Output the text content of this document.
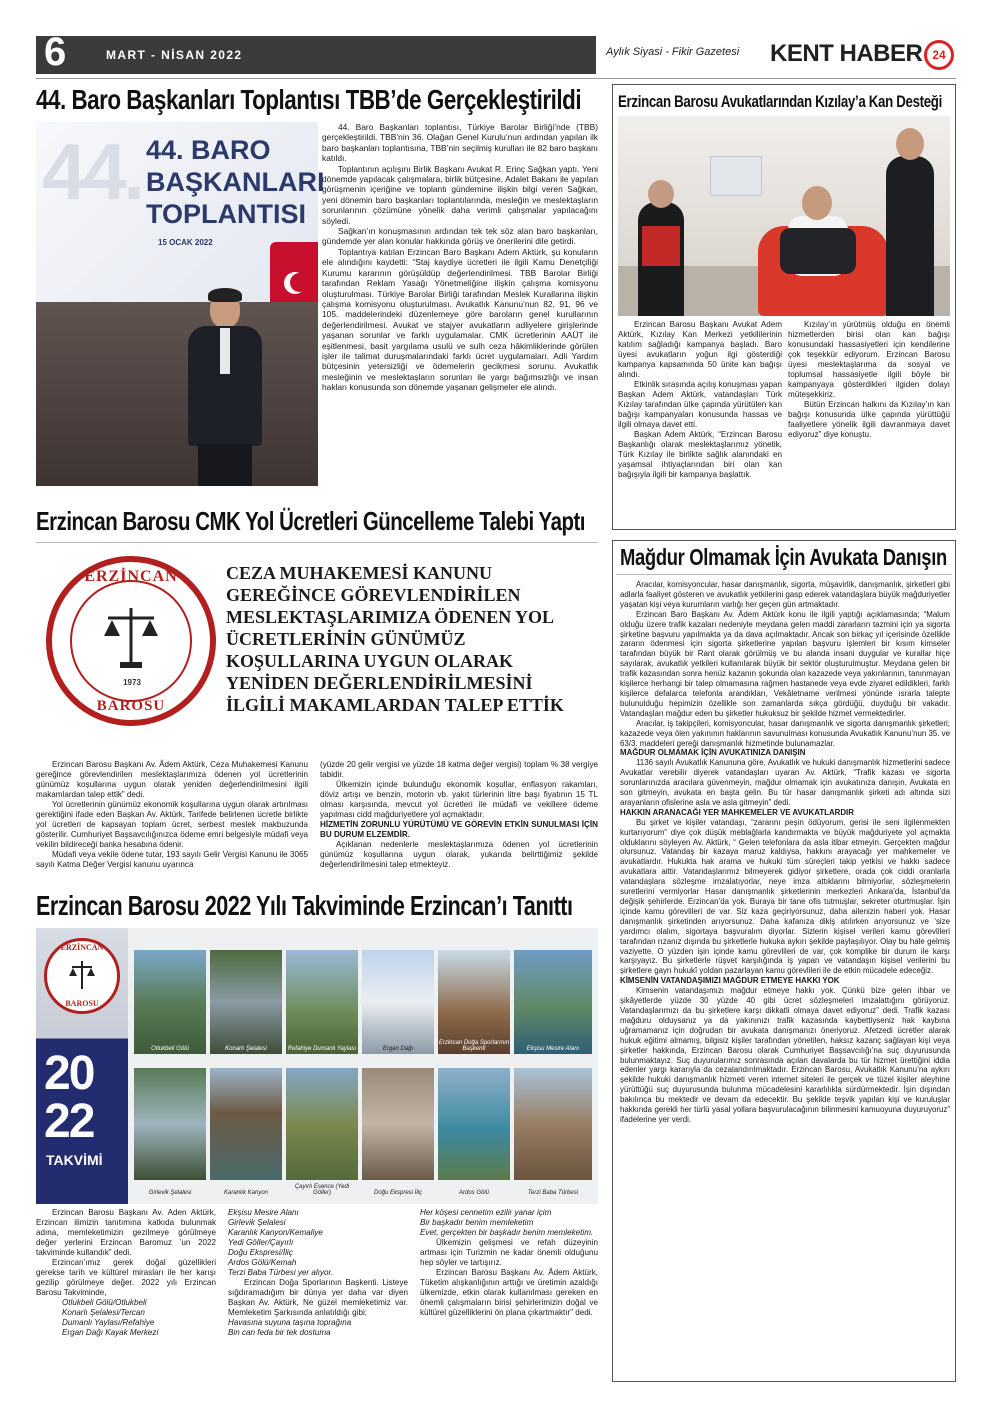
6	MART - NİSAN 2022	Aylık Siyasi - Fikir Gazetesi KENT HABER 24
44. Baro Başkanları Toplantısı TBB’de Gerçekleştirildi
44. 44. BARO
BAŞKANLARI
TOPLANTISI
15 OCAK 2022

44. Baro Başkanları toplantısı, Türkiye Barolar Birliği’nde (TBB) gerçekleştirildi. TBB’nin 36. Olağan Genel Kurulu’nun ardından yapılan ilk baro başkanları toplantısına, TBB’nin seçilmiş kurulları ile 82 baro başkanı katıldı.

Toplantının açılışını Birlik Başkanı Avukat R. Erinç Sağkan yaptı. Yeni dönemde yapılacak çalışmalara, birlik bütçesine, Adalet Bakanı ile yapılan görüşmenin içeriğine ve toplantı gündemine ilişkin bilgi veren Sağkan, yeni dönemin baro başkanları toplantılarında, mesleğin ve meslektaşların sorunlarının çözümüne yönelik daha verimli çalışmalar yapılacağını söyledi.

Sağkan’ın konuşmasının ardından tek tek söz alan baro başkanları, gündemde yer alan konular hakkında görüş ve önerilerini dile getirdi.

Toplantıya katılan Erzincan Baro Başkanı Adem Aktürk, şu konuların ele alındığını kaydetti: “Staj kaydiye ücretleri ile ilgili Kamu Denetçiliği Kurumu kararının görüşüldüp değerlendirilmesi. TBB Barolar Birliği tarafından Reklam Yasağı Yönetmeliğine ilişkin çalışma komisyonu oluşturulması. Türkiye Barolar Birliği tarafından Meslek Kurallarına ilişkin çalışma komisyonu oluşturulması. Avukatlık Kanunu’nun 82, 91, 96 ve 105. maddelerindeki düzenlemeye göre baroların genel kurullarının değerlendirilmesi. Avukat ve stajyer avukatların adliyelere girişlerinde yaşanan sorunlar ve farklı uygulamalar. CMK ücretlerinin AAÜT ile eşitlenmesi, basit yargılama usulü ve sulh ceza hâkimliklerinde görülen işler ile talimat duruşmalarındaki farklı ücret uygulamaları. Adli Yardım bütçesinin yetersizliği ve ödemelerin gecikmesi sorunu. Avukatlık mesleğinin ve meslektaşların sorunları ile yargı bağımsızlığı ve insan hakları konusunda son dönemde yaşanan gelişmeler ele alındı.

Erzincan Barosu Avukatlarından Kızılay’a Kan Desteği

Erzincan Barosu Başkanı Avukat Adem Aktürk, Kızılay Kan Merkezi yetkililerinin katılım sağladığı kampanya başladı. Baro üyesi avukatların yoğun ilgi gösterdiği kampanya kapsamında 50 ünite kan bağışı alındı.

Etkinlik sırasında açılış konuşması yapan Başkan Adem Aktürk, vatandaşları Türk Kızılay tarafından ülke çapında yürütülen kan bağışı kampanyaları konusunda hassas ve ilgili olmaya davet etti.

Başkan Adem Aktürk, “Erzincan Barosu Başkanlığı olarak meslektaşlarımız yönetik, Türk Kızılay ile birlikte sağlık alanındaki en yaşamsal ihtiyaçlarından biri olan kan bağışıyla ilgili bir kampanya başlattık.

Kızılay’ın yürütmüş olduğu en önemli hizmetlerden birisi olan kan bağışı konusundaki hassasiyetleri için kendilerine çok teşekkür ediyorum. Erzincan Barosu üyesi meslektaşlarıma da sosyal ve toplumsal hassasiyetle ilgili böyle bir kampanyaya gösterdikleri ilgiden dolayı müteşekkiriz.

Bütün Erzincan halkını da Kızılay’ın kan bağışı konusunda ülke çapında yürüttüğü faaliyetlere yönelik ilgili davranmaya davet ediyoruz” diye konuştu.

Erzincan Barosu CMK Yol Ücretleri Güncelleme Talebi Yaptı
ERZİNCAN
BAROSU
1973
CEZA MUHAKEMESİ KANUNU
GEREĞİNCE GÖREVLENDİRİLEN
MESLEKTAŞLARIMIZA ÖDENEN YOL
ÜCRETLERİNİN GÜNÜMÜZ
KOŞULLARINA UYGUN OLARAK
YENİDEN DEĞERLENDİRİLMESİNİ
İLGİLİ MAKAMLARDAN TALEP ETTİK

Erzincan Barosu Başkanı Av. Âdem Aktürk, Ceza Muhakemesi Kanunu gereğince görevlendirilen meslektaşlarımıza ödenen yol ücretlerinin günümüz koşullarına uygun olarak yeniden değerlendirilmesini ilgili makamlardan talep ettik” dedi.

Yol ücretlerinin günümüz ekonomik koşullarına uygun olarak artırılması gerektiğini ifade eden Başkan Av. Aktürk, Tarifede belirlenen ücretle birlikte yol ücretleri de kapsayan toplam ücret, serbest meslek makbuzunda gösterilir. Cumhuriyet Başsavcılığınızca ödeme emri belgesiyle müdafi veya vekilin bildireceği banka hesabına ödenir.

Müdafi veya vekile ödene tutar, 193 sayılı Gelir Vergisi Kanunu ile 3065 sayılı Katma Değer Vergisi kanunu uyarınca

(yüzde 20 gelir vergisi ve yüzde 18 katma değer vergisi) toplam % 38 vergiye tabidir.

Ülkemizin içinde bulunduğu ekonomik koşullar, enflasyon rakamları, döviz artışı ve benzin, motorin vb. yakıt türlerinin litre başı fiyatının 15 TL olması karşısında, mevcut yol ücretleri ile müdafi ve vekillere ödeme yapılması cidd mağduriyetlere yol açmaktadır.

HİZMETİN ZORUNLU YÜRÜTÜMÜ VE GÖREVİN ETKİN SUNULMASI İÇİN BU DURUM ELZEMDİR.

Açıklanan nedenlerle meslektaşlarımıza ödenen yol ücretlerinin günümüz koşullarına uygun olarak, yukarıda belirttiğimiz şekilde değerlendirilmesini talep etmekteyiz.

Mağdur Olmamak İçin Avukata Danışın

Aracılar, komisyoncular, hasar danışmanlık, sigorta, müşavirlik, danışmanlık, şirketleri gibi adlarla faaliyet gösteren ve avukatlık yetkilerini gasp ederek vatandaşlara büyük mağduriyetler yaşatan kişi veya kurumların varlığı her geçen gün artmaktadır.

Erzincan Baro Başkanı Av. Âdem Aktürk konu ile ilgili yaptığı açıklamasında; “Malum olduğu üzere trafik kazaları nedeniyle meydana gelen maddi zararların tazmini için ya sigorta şirketine başvuru yapılmakta ya da dava açılmaktadır. Ancak son birkaç yıl içerisinde özellikle zararın ödenmesi için sigorta şirketlerine yapılan başvuru işlemleri bir kısım kimseler tarafından büyük bir Rant olarak görülmüş ve bu alanda insani duygular ve kurallar hiçe sayılarak, avukatlık yetkileri kullanılarak büyük bir sektör oluşturulmuştur. Meydana gelen bir trafik kazasından sonra henüz kazanın şokunda olan kazazede veya yakınlarının, tanınmayan kişilerce herhangi bir talep olmamasına rağmen hastanede veya evde ziyaret edildikleri, farklı kişilerce defalarca telefonla arandıkları, Vekâletname verilmesi yönünde ısrarla talepte bulunulduğu hepimizin özellikle son zamanlarda sıkça gördüğü, duyduğu bir vakadır. Vatandaşları mağdur eden bu şirketler hukuksuz bir şekilde hizmet vermektedirler.

Aracılar, iş takipçileri, komisyoncular, hasar danışmanlık ve sigorta danışmanlık şirketleri; kazazede veya ölen yakınının haklarının savunulması konusunda Avukatlık Kanunu’nun 35. ve 63/3. maddeleri gereği danışmanlık hizmetinde bulunamazlar.

MAĞDUR OLMAMAK İÇİN AVUKATINIZA DANIŞIN

1136 sayılı Avukatlık Kanununa göre, Avukatlık ve hukuki danışmanlık hizmetlerini sadece Avukatlar verebilir diyerek vatandaşları uyaran Av. Aktürk, “Trafik kazası ve sigorta sorunlarınızda aracılara güvenmeyin, mağdur olmamak için avukatınıza danışın, Avukata en son gitmeyin, avukata en başta gelin. Bu tür hasar danışmanlık şirketi adı altında sizi arayanların ofislerine asla ve asla gitmeyin” dedi.

HAKKIN ARANACAĞI YER MAHKEMELER VE AVUKATLARDIR

Bu şirket ve kişiler vatandaşı, “zararını peşin ödüyorum, gerisi ile seni ilgilenmekten kurtarıyorum” diye çok düşük meblağlarla kandırmakta ve büyük mağduriyete yol açmakta olduklarını söyleyen Av. Aktürk, “ Gelen telefonlara da asla itibar etmeyin. Gerçekten mağdur olursunuz. Vatandaş bir kazaya maruz kaldıysa, hakkını arayacağı yer mahkemeler ve avukatlardır. Hukukta hak arama ve hukuki tüm süreçleri takip yetkisi ve hakkı sadece avukatlara aittir. Vatandaşlarımız bilmeyerek gidiyor şirketlere, orada çok ciddi oranlarla vatandaşlara sözleşme imzalatıyorlar, neye imza attıklarını bilmiyorlar, sözleşmelerin suretlerini vermiyorlar Hasar danışmanlık şirketlerinin merkezleri Ankara’da, İstanbul’da değişik şehirlerde. Erzincan’da yok. Buraya bir tane ofis tutmuşlar, sekreter oturtmuşlar. İşin içinde kamu görevlileri de var. Siz kaza geçiriyorsunuz, daha ailenizin haberi yok. Hasar danışmanlık şirketinden arıyorsunuz. Daha kafanıza dikiş atılırken arıyorsunuz ve ‘size yardımcı olalım, sigortaya başvuralım diyorlar. Sizlerin kişisel verileri kamu görevlileri tarafından rızanız dışında bu şirketlerle hukuka aykırı şekilde paylaşılıyor. Olay bu hale gelmiş vaziyette. O yüzden işin içinde kamu görevlileri de var, çok komplike bir durum ile karşı karşıyayız. Bu şirketlerle rüşvet karşılığında iş yapan ve vatandaşın kişisel verilerini bu şirketlere gayrı hukukî yoldan pazarlayan kamu görevlileri ile de etkin mücadele edeceğiz.

KİMSENİN VATANDAŞIMIZI MAĞDUR ETMEYE HAKKI YOK

Kimsenin vatandaşımızı mağdur etmeye hakkı yok. Çünkü bize gelen ihbar ve şikâyetlerde yüzde 30 yüzde 40 gibi ücret sözleşmeleri imzalattığını görüyoruz. Vatandaşlarımızı da bu şirketlere karşı dikkatli olmaya davet ediyoruz” dedi. Trafik kazası mağduru olduysanız ya da yakınınızı trafik kazasında kaybettiyseniz hak kaybına uğramamanız için doğrudan bir avukata danışmanızı öneriyoruz. Afetzedi ücretler alarak hukuk eğitimi almamış, bilgisiz kişiler tarafından yönetilen, haksız kazanç sağlayan kişi veya şirketler hakkında, Erzincan Barosu olarak Cumhuriyet Başsavcılığı’na suç duyurusunda bulunmaktayız. Suç duyurularımız sonrasında açılan davalarda bu tür hizmet ürettiğini iddia edenler yargı kararıyla da cezalandırılmaktadır. Erzincan Barosu, Avukatlık Kanunu’na aykırı şekilde hukuki danışmanlık hizmeti veren internet siteleri ile gerçek ve tüzel kişiler aleyhine yürüttüğü suç duyurusunda bulunma mücadelesini kararlılıkla sürdürmektedir. İşin dışından bakılınca bu mektedir ve devam da edecektir. Bu şekilde teşvik yapılan kişi ve kuruluşlar hakkında gerekli her türlü yasal yollara başvurulacağının bilinmesini kamuoyuna duyuruyoruz” ifadelerine yer verdi.

Erzincan Barosu 2022 Yılı Takviminde Erzincan’ı Tanıttı
ERZİNCAN
BAROSU
20
22
TAKVİMİ
Otlukbeli Gölü	Konarlı Şelalesi	Refahiye Dumanlı Yaylası	Ergan Dağı
Erzincan Doğa Sporlarının Başkenti	Ekşisu Mesire Alanı
Girlevik Şelalesi	Karanlık Kanyon
Çayırlı Esence (Yedi Göller)	Doğu Ekspresi İliç	Ardos Gölü	Terzi Baba Türbesi

Erzincan Barosu Başkanı Av. Aden Aktürk, Erzincan ilimizin tanıtımına katkıda bulunmak adına, memleketimizin gezilmeye görülmeye değer yerlerini Erzincan Baromuz ’un 2022 takviminde kullandık” dedi.

Erzincan’ımız gerek doğal güzellikleri gerekse tarih ve kültürel mirasları ile her karışı gezilip görülmeye değer. 2022 yılı Erzincan Barosu Takviminde,

Otlukbeli Gölü/Otlukbeli

Konarlı Şelalesi/Tercan

Dumanlı Yaylası/Refahiye

Ergan Dağı Kayak Merkezi

Ekşisu Mesire Alanı

Girlevik Şelalesi

Karanlık Kanyon/Kemaliye

Yedi Göller/Çayırlı

Doğu Ekspresi/İliç

Ardos Gölü/Kemah

Terzi Baba Türbesi yer alıyor.

Erzincan Doğa Sporlarının Başkenti. Listeye sığdıramadığım bir dünya yer daha var diyen Başkan Av. Aktürk, Ne güzel memleketimiz var. Memleketim Şarkısında anlatıldığı gibi;

Havasına suyuna taşına toprağına

Bin can feda bir tek dostuma

Her köşesi cennetim ezilir yanar içim

Bir başkadır benim memleketim

Evet, gerçekten bir başkadır benim memleketim.

Ülkemizin gelişmesi ve refah düzeyinin artması için Turizmin ne kadar önemli olduğunu hep söyler ve tartışırız.

Erzincan Barosu Başkanı Av. Âdem Aktürk, Tüketim alışkanlığının arttığı ve üretimin azaldığı ülkemizde, etkin olarak kullanılması gereken en önemli çalışmaların birisi şehirlerimizin doğal ve kültürel güzelliklerini ön plana çıkartmaktır” dedi.
